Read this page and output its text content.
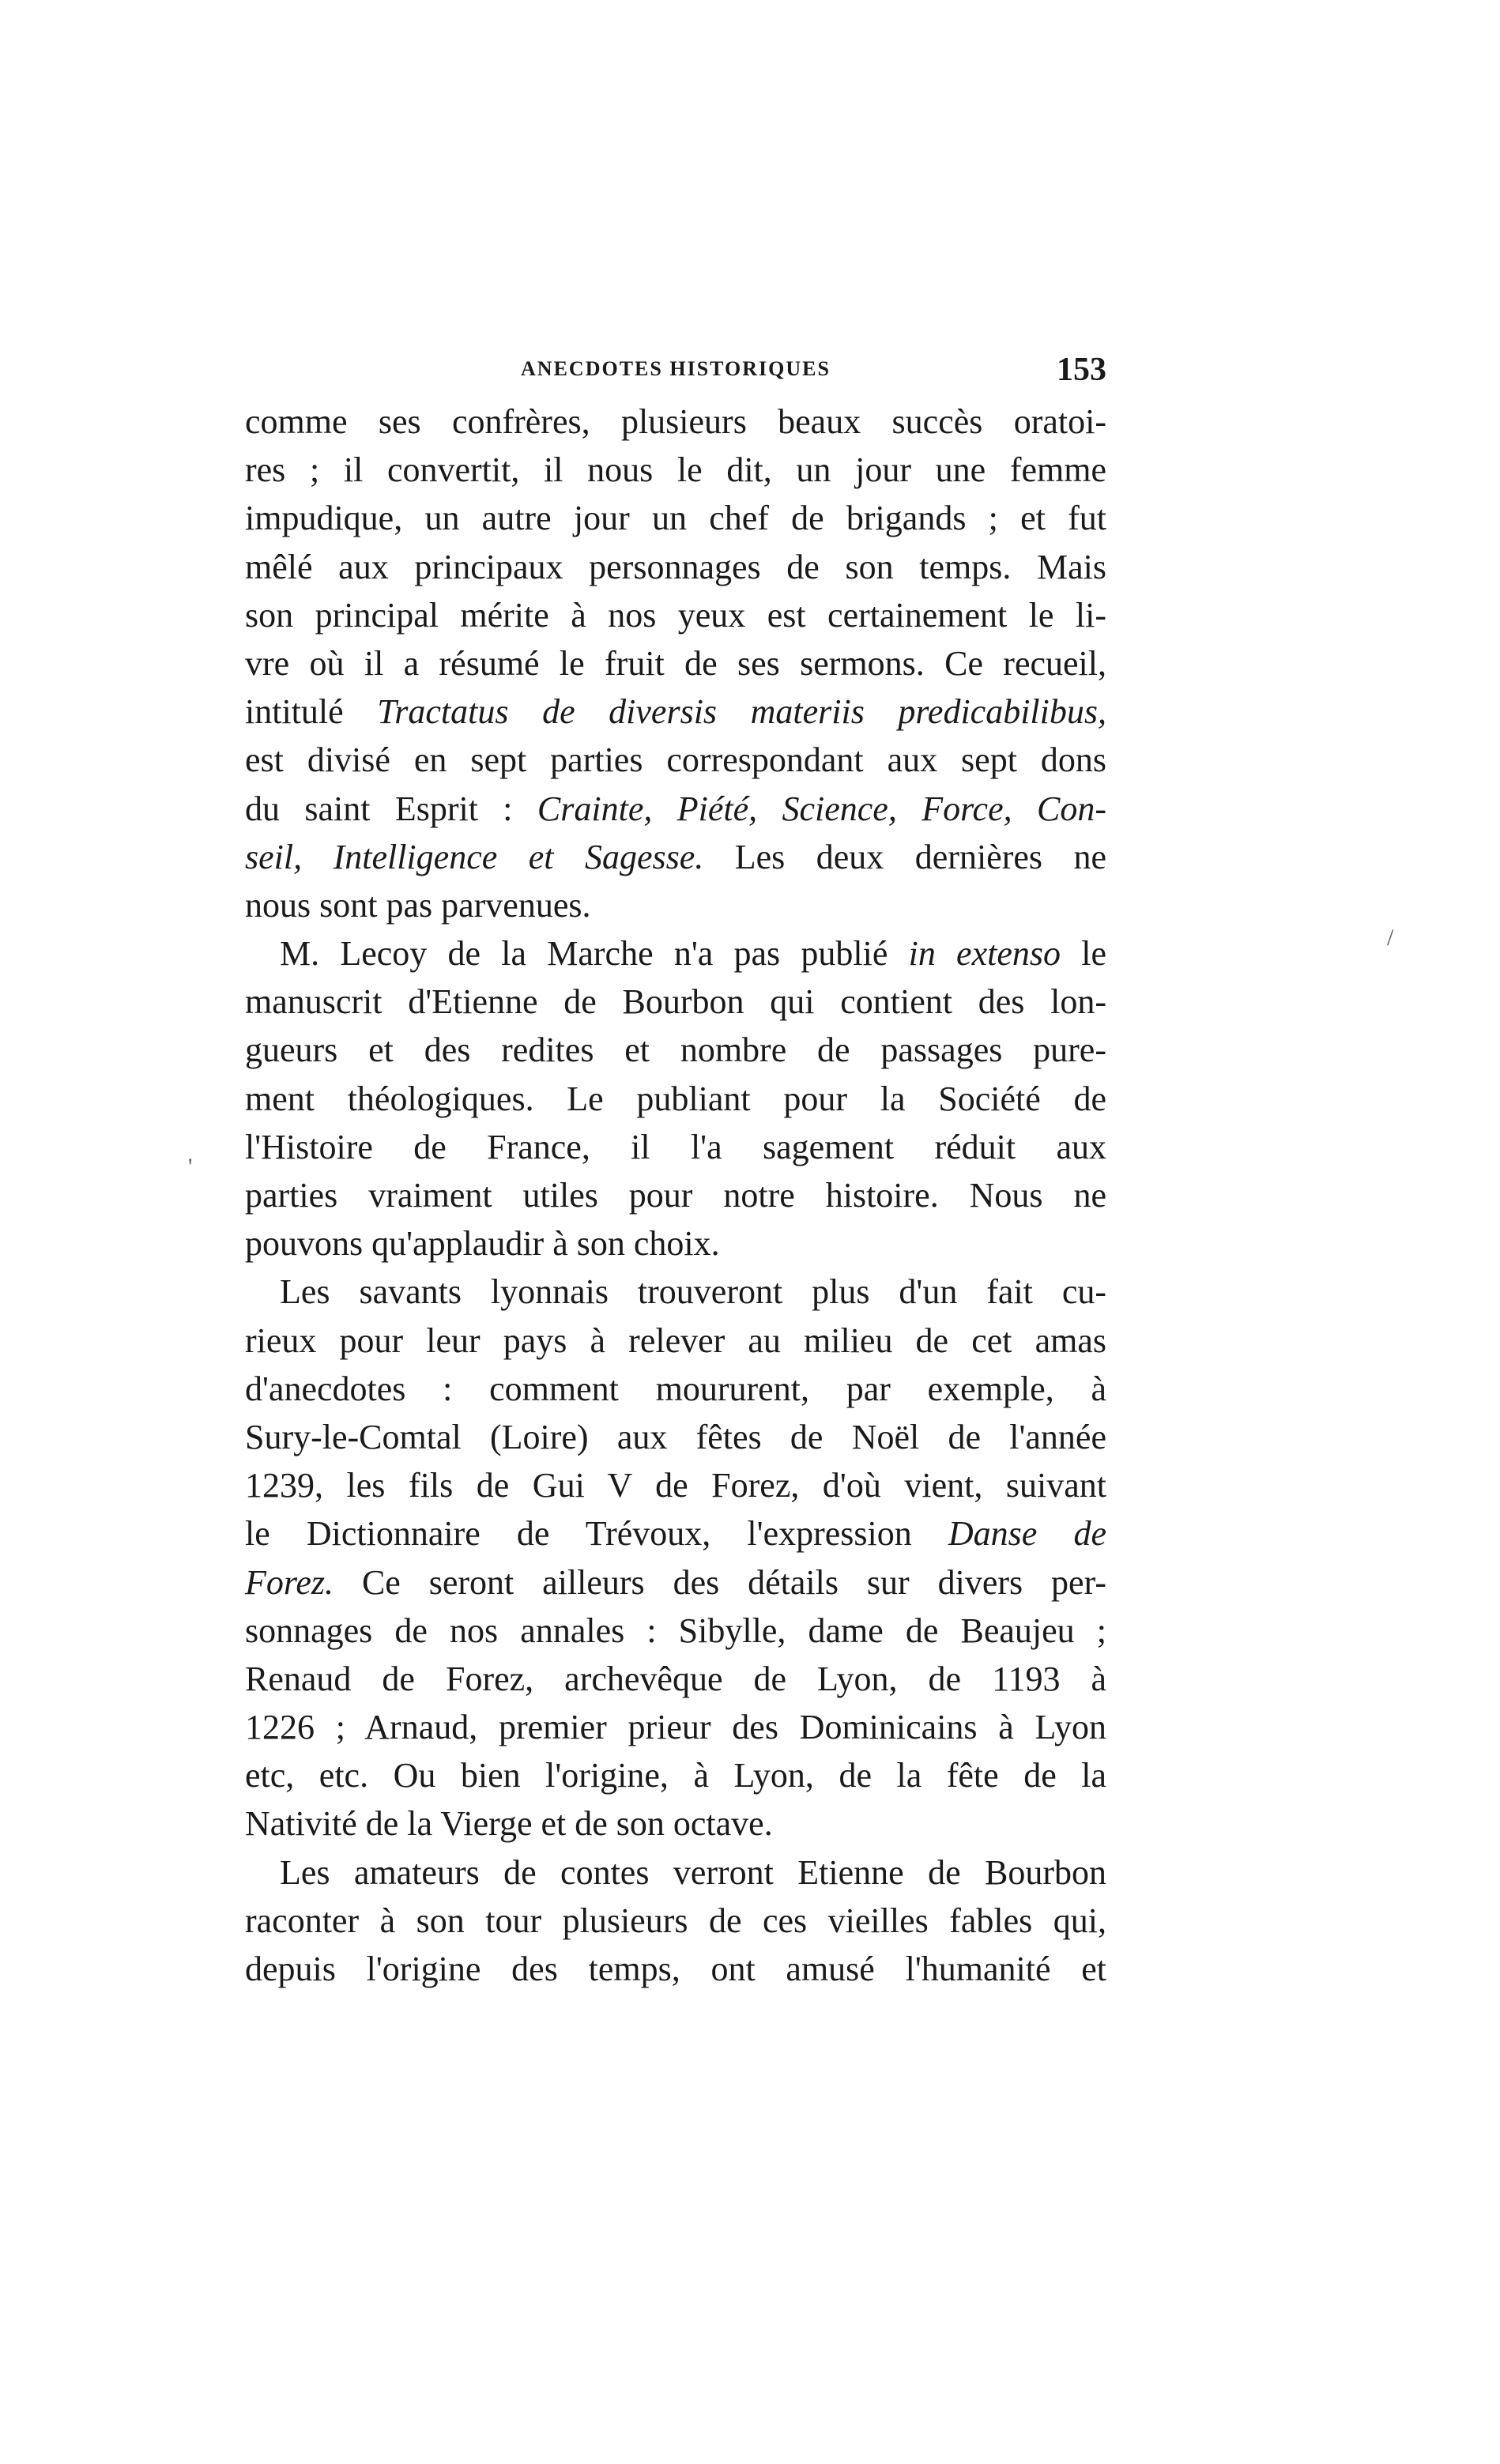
ANECDOTES HISTORIQUES	153
comme ses confrères, plusieurs beaux succès oratoi-
res ; il convertit, il nous le dit, un jour une femme
impudique, un autre jour un chef de brigands ; et fut
mêlé aux principaux personnages de son temps. Mais
son principal mérite à nos yeux est certainement le li-
vre où il a résumé le fruit de ses sermons. Ce recueil,
intitulé Tractatus de diversis materiis predicabilibus,
est divisé en sept parties correspondant aux sept dons
du saint Esprit : Crainte, Piété, Science, Force, Con-
seil, Intelligence et Sagesse. Les deux dernières ne
nous sont pas parvenues.
M. Lecoy de la Marche n'a pas publié in extenso le
manuscrit d'Etienne de Bourbon qui contient des lon-
gueurs et des redites et nombre de passages pure-
ment théologiques. Le publiant pour la Société de
l'Histoire de France, il l'a sagement réduit aux
parties vraiment utiles pour notre histoire. Nous ne
pouvons qu'applaudir à son choix.
Les savants lyonnais trouveront plus d'un fait cu-
rieux pour leur pays à relever au milieu de cet amas
d'anecdotes : comment moururent, par exemple, à
Sury-le-Comtal (Loire) aux fêtes de Noël de l'année
1239, les fils de Gui V de Forez, d'où vient, suivant
le Dictionnaire de Trévoux, l'expression Danse de
Forez. Ce seront ailleurs des détails sur divers per-
sonnages de nos annales : Sibylle, dame de Beaujeu ;
Renaud de Forez, archevêque de Lyon, de 1193 à
1226 ; Arnaud, premier prieur des Dominicains à Lyon
etc, etc. Ou bien l'origine, à Lyon, de la fête de la
Nativité de la Vierge et de son octave.
Les amateurs de contes verront Etienne de Bourbon
raconter à son tour plusieurs de ces vieilles fables qui,
depuis l'origine des temps, ont amusé l'humanité et
/
'
